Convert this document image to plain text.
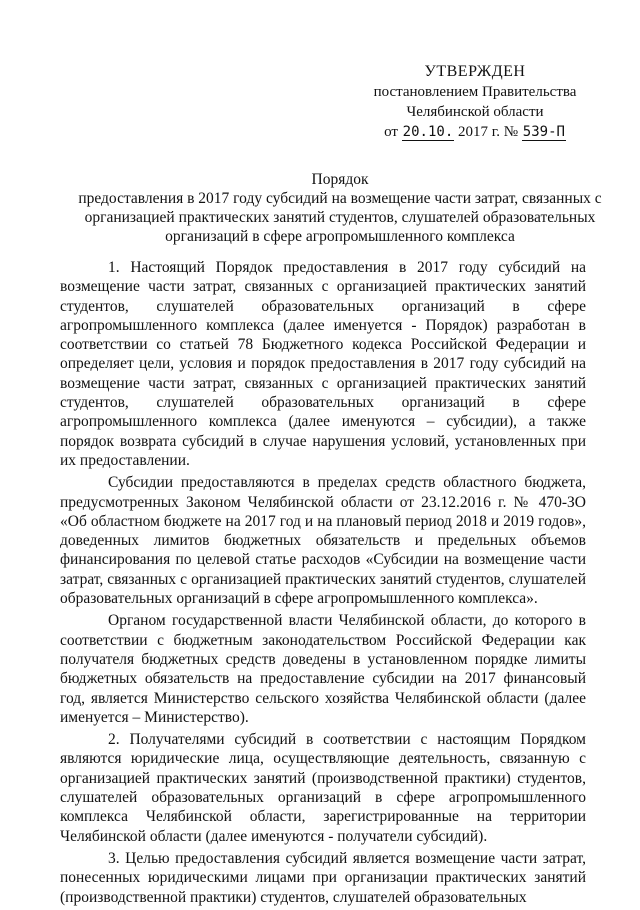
УТВЕРЖДЕН
постановлением Правительства
Челябинской области
от 20.10. 2017 г. № 539-П
Порядок
предоставления в 2017 году субсидий на возмещение части затрат, связанных с организацией практических занятий студентов, слушателей образовательных организаций в сфере агропромышленного комплекса

1. Настоящий Порядок предоставления в 2017 году субсидий на возмещение части затрат, связанных с организацией практических занятий студентов, слушателей образовательных организаций в сфере агропромышленного комплекса (далее именуется - Порядок) разработан в соответствии со статьей 78 Бюджетного кодекса Российской Федерации и определяет цели, условия и порядок предоставления в 2017 году субсидий на возмещение части затрат, связанных с организацией практических занятий студентов, слушателей образовательных организаций в сфере агропромышленного комплекса (далее именуются – субсидии), а также порядок возврата субсидий в случае нарушения условий, установленных при их предоставлении.

Субсидии предоставляются в пределах средств областного бюджета, предусмотренных Законом Челябинской области от 23.12.2016 г. № 470-ЗО «Об областном бюджете на 2017 год и на плановый период 2018 и 2019 годов», доведенных лимитов бюджетных обязательств и предельных объемов финансирования по целевой статье расходов «Субсидии на возмещение части затрат, связанных с организацией практических занятий студентов, слушателей образовательных организаций в сфере агропромышленного комплекса».

Органом государственной власти Челябинской области, до которого в соответствии с бюджетным законодательством Российской Федерации как получателя бюджетных средств доведены в установленном порядке лимиты бюджетных обязательств на предоставление субсидии на 2017 финансовый год, является Министерство сельского хозяйства Челябинской области (далее именуется – Министерство).

2. Получателями субсидий в соответствии с настоящим Порядком являются юридические лица, осуществляющие деятельность, связанную с организацией практических занятий (производственной практики) студентов, слушателей образовательных организаций в сфере агропромышленного комплекса Челябинской области, зарегистрированные на территории Челябинской области (далее именуются - получатели субсидий).

3. Целью предоставления субсидий является возмещение части затрат, понесенных юридическими лицами при организации практических занятий (производственной практики) студентов, слушателей образовательных
